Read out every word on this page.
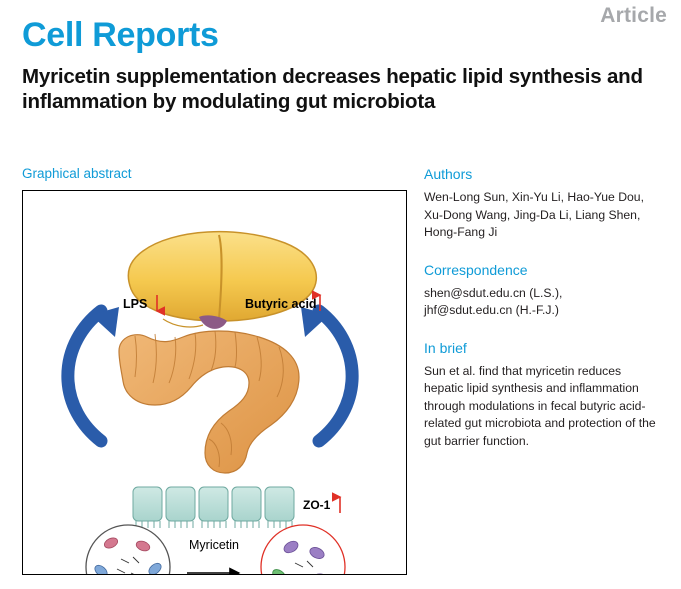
Article
Cell Reports
Myricetin supplementation decreases hepatic lipid synthesis and inflammation by modulating gut microbiota
Graphical abstract
LPS	Butyric acid
ZO-1
Myricetin
Authors
Wen-Long Sun, Xin-Yu Li, Hao-Yue Dou, Xu-Dong Wang, Jing-Da Li, Liang Shen, Hong-Fang Ji
Correspondence
shen@sdut.edu.cn (L.S.),
jhf@sdut.edu.cn (H.-F.J.)
In brief
Sun et al. find that myricetin reduces hepatic lipid synthesis and inflammation through modulations in fecal butyric acid-related gut microbiota and protection of the gut barrier function.
